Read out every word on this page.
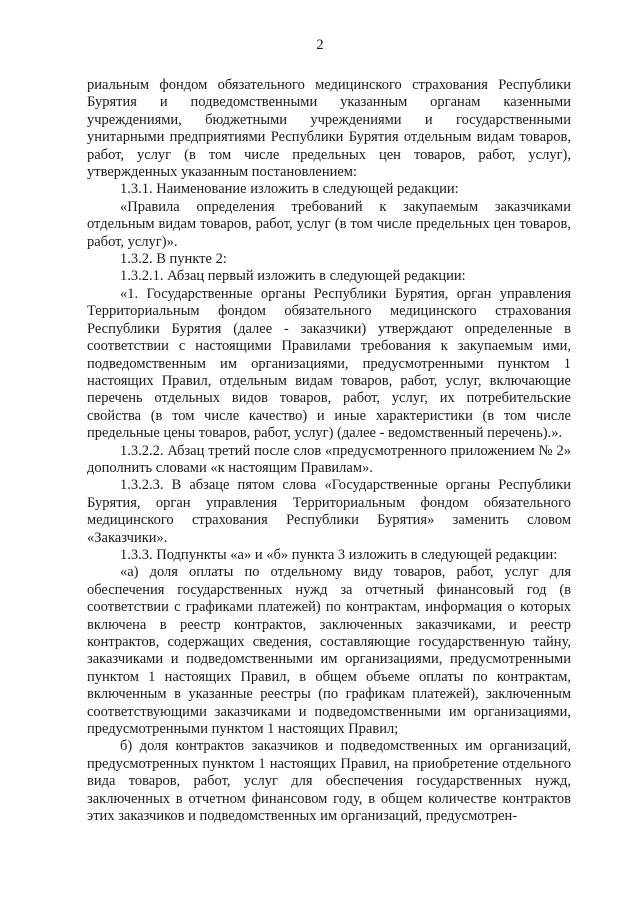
2

риальным фондом обязательного медицинского страхования Республики Бурятия и подведомственными указанным органам казенными учреждениями, бюджетными учреждениями и государственными унитарными предприятиями Республики Бурятия отдельным видам товаров, работ, услуг (в том числе предельных цен товаров, работ, услуг), утвержденных указанным постановлением:

1.3.1. Наименование изложить в следующей редакции:

«Правила определения требований к закупаемым заказчиками отдельным видам товаров, работ, услуг (в том числе предельных цен товаров, работ, услуг)».

1.3.2. В пункте 2:

1.3.2.1. Абзац первый изложить в следующей редакции:

«1. Государственные органы Республики Бурятия, орган управления Территориальным фондом обязательного медицинского страхования Республики Бурятия (далее - заказчики) утверждают определенные в соответствии с настоящими Правилами требования к закупаемым ими, подведомственным им организациями, предусмотренными пунктом 1 настоящих Правил, отдельным видам товаров, работ, услуг, включающие перечень отдельных видов товаров, работ, услуг, их потребительские свойства (в том числе качество) и иные характеристики (в том числе предельные цены товаров, работ, услуг) (далее - ведомственный перечень).».

1.3.2.2. Абзац третий после слов «предусмотренного приложением № 2» дополнить словами «к настоящим Правилам».

1.3.2.3. В абзаце пятом слова «Государственные органы Республики Бурятия, орган управления Территориальным фондом обязательного медицинского страхования Республики Бурятия» заменить словом «Заказчики».

1.3.3. Подпункты «а» и «б» пункта 3 изложить в следующей редакции:

«а) доля оплаты по отдельному виду товаров, работ, услуг для обеспечения государственных нужд за отчетный финансовый год (в соответствии с графиками платежей) по контрактам, информация о которых включена в реестр контрактов, заключенных заказчиками, и реестр контрактов, содержащих сведения, составляющие государственную тайну, заказчиками и подведомственными им организациями, предусмотренными пунктом 1 настоящих Правил, в общем объеме оплаты по контрактам, включенным в указанные реестры (по графикам платежей), заключенным соответствующими заказчиками и подведомственными им организациями, предусмотренными пунктом 1 настоящих Правил;

б) доля контрактов заказчиков и подведомственных им организаций, предусмотренных пунктом 1 настоящих Правил, на приобретение отдельного вида товаров, работ, услуг для обеспечения государственных нужд, заключенных в отчетном финансовом году, в общем количестве контрактов этих заказчиков и подведомственных им организаций, предусмотрен-
